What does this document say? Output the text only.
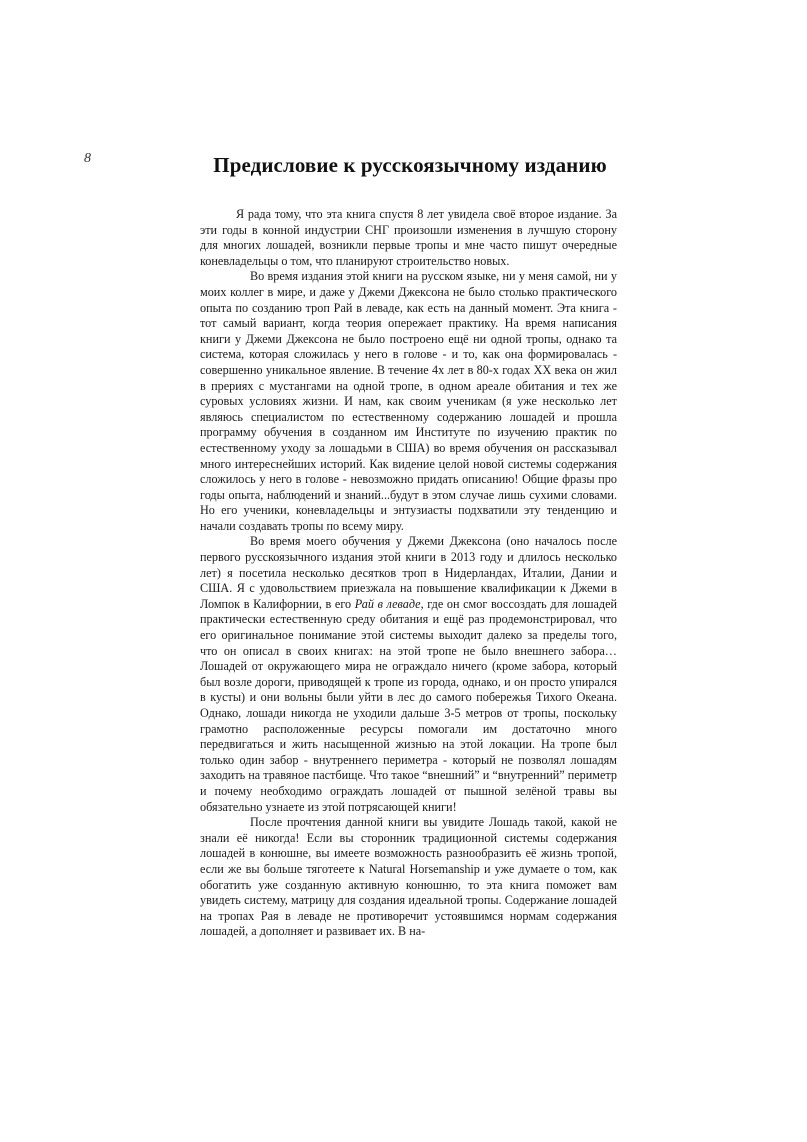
8	Предисловие к русскоязычному изданию

Я рада тому, что эта книга спустя 8 лет увидела своё второе издание. За эти годы в конной индустрии СНГ произошли изменения в лучшую сторону для многих лошадей, возникли первые тропы и мне часто пишут очередные коневладельцы о том, что планируют строительство новых.

Во время издания этой книги на русском языке, ни у меня самой, ни у моих коллег в мире, и даже у Джеми Джексона не было столько практического опыта по созданию троп Рай в леваде, как есть на данный момент. Эта книга - тот самый вариант, когда теория опережает практику. На время написания книги у Джеми Джексона не было построено ещё ни одной тропы, однако та система, которая сложилась у него в голове - и то, как она формировалась - совершенно уникальное явление. В течение 4х лет в 80-х годах XX века он жил в прериях с мустангами на одной тропе, в одном ареале обитания и тех же суровых условиях жизни. И нам, как своим ученикам (я уже несколько лет являюсь специалистом по естественному содержанию лошадей и прошла программу обучения в созданном им Институте по изучению практик по естественному уходу за лошадьми в США) во время обучения он рассказывал много интереснейших историй. Как видение целой новой системы содержания сложилось у него в голове - невозможно придать описанию! Общие фразы про годы опыта, наблюдений и знаний...будут в этом случае лишь сухими словами. Но его ученики, коневладельцы и энтузиасты подхватили эту тенденцию и начали создавать тропы по всему миру.

Во время моего обучения у Джеми Джексона (оно началось после первого русскоязычного издания этой книги в 2013 году и длилось несколько лет) я посетила несколько десятков троп в Нидерландах, Италии, Дании и США. Я с удовольствием приезжала на повышение квалификации к Джеми в Ломпок в Калифорнии, в его Рай в леваде, где он смог воссоздать для лошадей практически естественную среду обитания и ещё раз продемонстрировал, что его оригинальное понимание этой системы выходит далеко за пределы того, что он описал в своих книгах: на этой тропе не было внешнего забора… Лошадей от окружающего мира не ограждало ничего (кроме забора, который был возле дороги, приводящей к тропе из города, однако, и он просто упирался в кусты) и они вольны были уйти в лес до самого побережья Тихого Океана. Однако, лошади никогда не уходили дальше 3-5 метров от тропы, поскольку грамотно расположенные ресурсы помогали им достаточно много передвигаться и жить насыщенной жизнью на этой локации. На тропе был только один забор - внутреннего периметра - который не позволял лошадям заходить на травяное пастбище. Что такое “внешний” и “внутренний” периметр и почему необходимо ограждать лошадей от пышной зелёной травы вы обязательно узнаете из этой потрясающей книги!

После прочтения данной книги вы увидите Лошадь такой, какой не знали её никогда! Если вы сторонник традиционной системы содержания лошадей в конюшне, вы имеете возможность разнообразить её жизнь тропой, если же вы больше тяготеете к Natural Horsemanship и уже думаете о том, как обогатить уже созданную активную конюшню, то эта книга поможет вам увидеть систему, матрицу для создания идеальной тропы. Содержание лошадей на тропах Рая в леваде не противоречит устоявшимся нормам содержания лошадей, а дополняет и развивает их. В на-
